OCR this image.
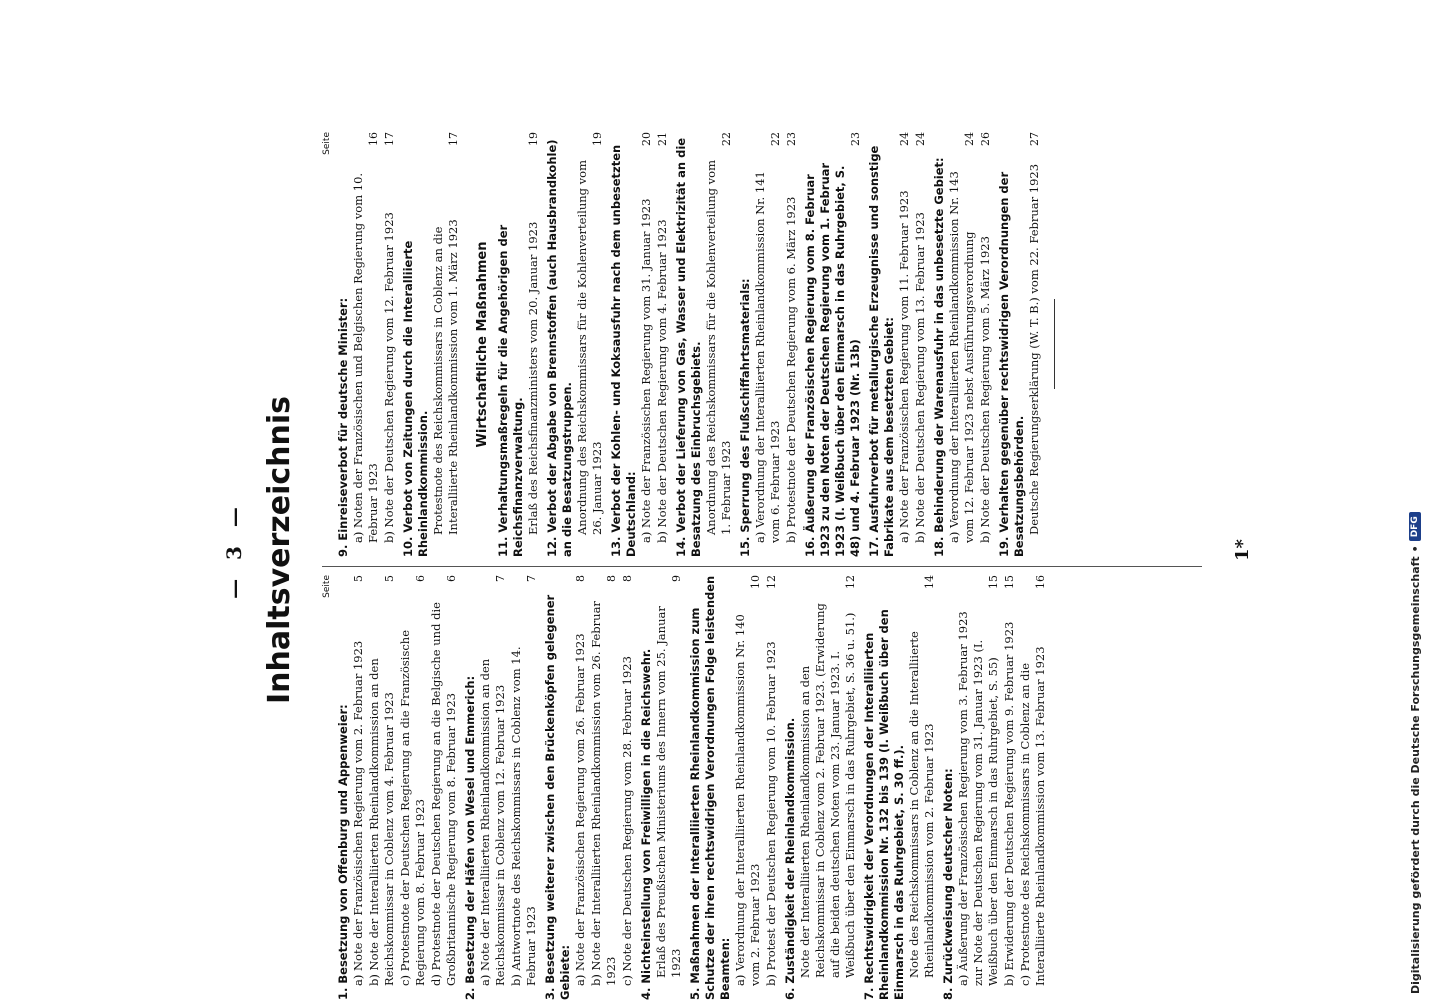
— 3 — Inhaltsverzeichnis	Seite
1. Besetzung von Offenburg und Appenweier: a) Note der Französischen Regierung vom 2. Februar 1923
5
b) Note der Interalliierten Rheinlandkommission an den Reichskommissar in Coblenz vom 4. Februar 1923
5
c) Protestnote der Deutschen Regierung an die Französische Regierung vom 8. Februar 1923
6
d) Protestnote der Deutschen Regierung an die Belgische und die Großbritannische Regierung vom 8. Februar 1923
6
2. Besetzung der Häfen von Wesel und Emmerich: a) Note der Interalliierten Rheinlandkommission an den Reichskommissar in Coblenz vom 12. Februar 1923
7
b) Antwortnote des Reichskommissars in Coblenz vom 14. Februar 1923
7
3. Besetzung weiterer zwischen den Brückenköpfen gelegener Gebiete: a) Note der Französischen Regierung vom 26. Februar 1923
8
b) Note der Interalliierten Rheinlandkommission vom 26. Februar 1923
8
c) Note der Deutschen Regierung vom 28. Februar 1923
8
4. Nichteinstellung von Freiwilligen in die Reichswehr. Erlaß des Preußischen Ministeriums des Innern vom 25. Januar 1923
9
5. Maßnahmen der Interalliierten Rheinlandkommission zum Schutze der ihren rechtswidrigen Verordnungen Folge leistenden Beamten: a) Verordnung der Interalliierten Rheinlandkommission Nr. 140 vom 2. Februar 1923
10
b) Protest der Deutschen Regierung vom 10. Februar 1923
12
6. Zuständigkeit der Rheinlandkommission. Note der Interalliierten Rheinlandkommission an den Reichskommissar in Coblenz vom 2. Februar 1923. (Erwiderung auf die beiden deutschen Noten vom 23. Januar 1923. I. Weißbuch über den Einmarsch in das Ruhrgebiet, S. 36 u. 51.)
12
7. Rechtswidrigkeit der Verordnungen der Interalliierten Rheinlandkommission Nr. 132 bis 139 (I. Weißbuch über den Einmarsch in das Ruhrgebiet, S. 30 ff.). Note des Reichskommissars in Coblenz an die Interalliierte Rheinlandkommission vom 2. Februar 1923
14
8. Zurückweisung deutscher Noten: a) Äußerung der Französischen Regierung vom 3. Februar 1923 zur Note der Deutschen Regierung vom 31. Januar 1923 (I. Weißbuch über den Einmarsch in das Ruhrgebiet, S. 55)
15
b) Erwiderung der Deutschen Regierung vom 9. Februar 1923
15
c) Protestnote des Reichskommissars in Coblenz an die Interalliierte Rheinlandkommission vom 13. Februar 1923
16
Seite
9. Einreiseverbot für deutsche Minister: a) Noten der Französischen und Belgischen Regierung vom 10. Februar 1923
16
b) Note der Deutschen Regierung vom 12. Februar 1923
17
10. Verbot von Zeitungen durch die Interalliierte Rheinlandkommission. Protestnote des Reichskommissars in Coblenz an die Interalliierte Rheinlandkommission vom 1. März 1923
17
Wirtschaftliche Maßnahmen 11. Verhaltungsmaßregeln für die Angehörigen der Reichsfinanzverwaltung. Erlaß des Reichsfinanzministers vom 20. Januar 1923
19
12. Verbot der Abgabe von Brennstoffen (auch Hausbrandkohle) an die Besatzungstruppen. Anordnung des Reichskommissars für die Kohlenverteilung vom 26. Januar 1923
19
13. Verbot der Kohlen- und Koksausfuhr nach dem unbesetzten Deutschland: a) Note der Französischen Regierung vom 31. Januar 1923
20
b) Note der Deutschen Regierung vom 4. Februar 1923
21 14. Verbot der Lieferung von Gas, Wasser und Elektrizität an die Besatzung des Einbruchsgebiets. Anordnung des Reichskommissars für die Kohlenverteilung vom 1. Februar 1923
22
15. Sperrung des Flußschiffahrtsmaterials: a) Verordnung der Interalliierten Rheinlandkommission Nr. 141 vom 6. Februar 1923
22
b) Protestnote der Deutschen Regierung vom 6. März 1923
23
16. Äußerung der Französischen Regierung vom 8. Februar 1923 zu den Noten der Deutschen Regierung vom 1. Februar 1923 (I. Weißbuch über den Einmarsch in das Ruhrgebiet, S. 48) und 4. Februar 1923 (Nr. 13b)
23
17. Ausfuhrverbot für metallurgische Erzeugnisse und sonstige Fabrikate aus dem besetzten Gebiet: a) Note der Französischen Regierung vom 11. Februar 1923
24
b) Note der Deutschen Regierung vom 13. Februar 1923
24
18. Behinderung der Warenausfuhr in das unbesetzte Gebiet: a) Verordnung der Interalliierten Rheinlandkommission Nr. 143 vom 12. Februar 1923 nebst Ausführungsverordnung
24
b) Note der Deutschen Regierung vom 5. März 1923
26
19. Verhalten gegenüber rechtswidrigen Verordnungen der Besatzungsbehörden. Deutsche Regierungserklärung (W. T. B.) vom 22. Februar 1923
27
1*
Digitalisierung gefördert durch die Deutsche Forschungsgemeinschaft
•
DFG
